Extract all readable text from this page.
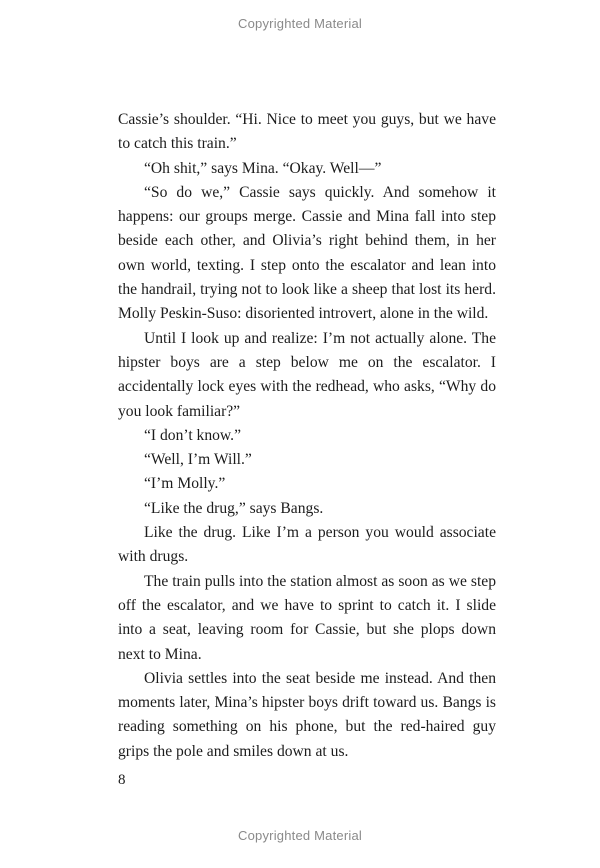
Copyrighted Material

Cassie’s shoulder. “Hi. Nice to meet you guys, but we have to catch this train.”

“Oh shit,” says Mina. “Okay. Well—”

“So do we,” Cassie says quickly. And somehow it happens: our groups merge. Cassie and Mina fall into step beside each other, and Olivia’s right behind them, in her own world, texting. I step onto the escalator and lean into the handrail, trying not to look like a sheep that lost its herd. Molly Peskin-Suso: disoriented introvert, alone in the wild.

Until I look up and realize: I’m not actually alone. The hipster boys are a step below me on the escalator. I accidentally lock eyes with the redhead, who asks, “Why do you look familiar?”

“I don’t know.”

“Well, I’m Will.”

“I’m Molly.”

“Like the drug,” says Bangs.

Like the drug. Like I’m a person you would associate with drugs.

The train pulls into the station almost as soon as we step off the escalator, and we have to sprint to catch it. I slide into a seat, leaving room for Cassie, but she plops down next to Mina.

Olivia settles into the seat beside me instead. And then moments later, Mina’s hipster boys drift toward us. Bangs is reading something on his phone, but the red-haired guy grips the pole and smiles down at us.

8
Copyrighted Material
